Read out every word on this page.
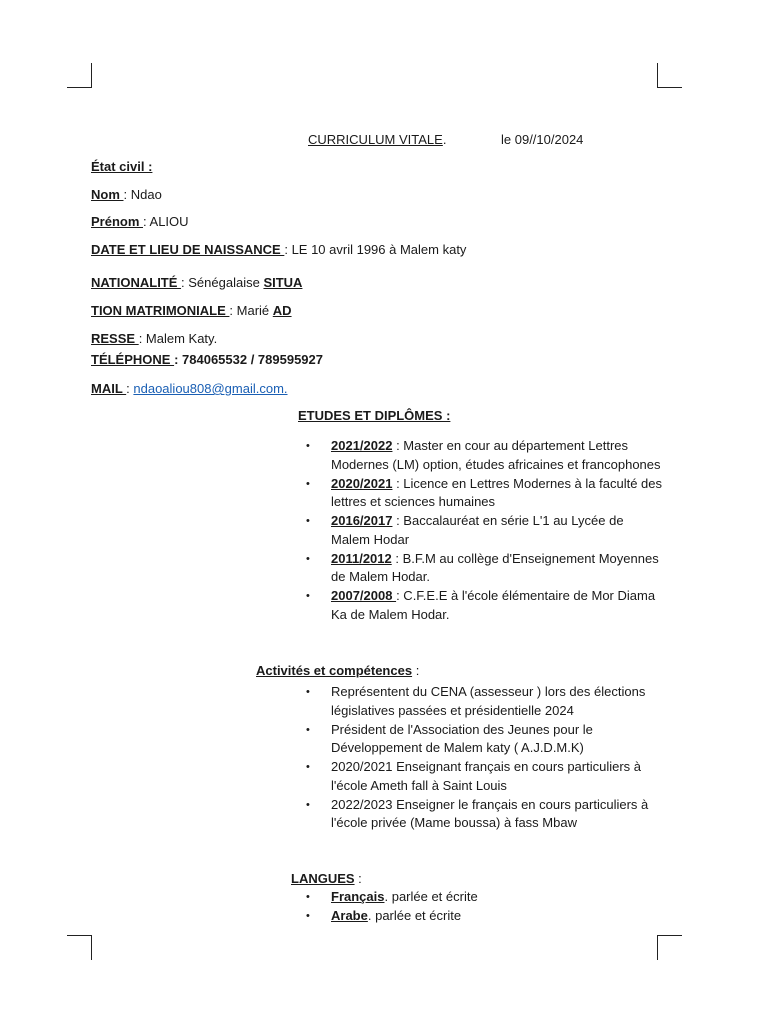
CURRICULUM VITALE.	le 09//10/2024
État civil :
Nom : Ndao
Prénom : ALIOU
DATE ET LIEU DE NAISSANCE : LE 10 avril 1996 à Malem katy
NATIONALITÉ : Sénégalaise SITUA
TION MATRIMONIALE : Marié AD
RESSE : Malem Katy.
TÉLÉPHONE : 784065532 / 789595927
MAIL : ndaoaliou808@gmail.com.
ETUDES ET DIPLÔMES :
• 2021/2022 : Master en cour au département Lettres Modernes (LM) option, études africaines et francophones
• 2020/2021 : Licence en Lettres Modernes à la faculté des lettres et sciences humaines
• 2016/2017 : Baccalauréat en série L'1 au Lycée de Malem Hodar
• 2011/2012 : B.F.M au collège d'Enseignement Moyennes de Malem Hodar.
• 2007/2008 : C.F.E.E à l'école élémentaire de Mor Diama Ka de Malem Hodar.
Activités et compétences :
• Représentent du CENA (assesseur ) lors des élections législatives passées et présidentielle 2024
• Président de l'Association des Jeunes pour le Développement de Malem katy ( A.J.D.M.K)
• 2020/2021 Enseignant français en cours particuliers à l'école Ameth fall à Saint Louis
• 2022/2023 Enseigner le français en cours particuliers à l'école privée (Mame boussa) à fass Mbaw
LANGUES :
• Français. parlée et écrite
• Arabe. parlée et écrite
